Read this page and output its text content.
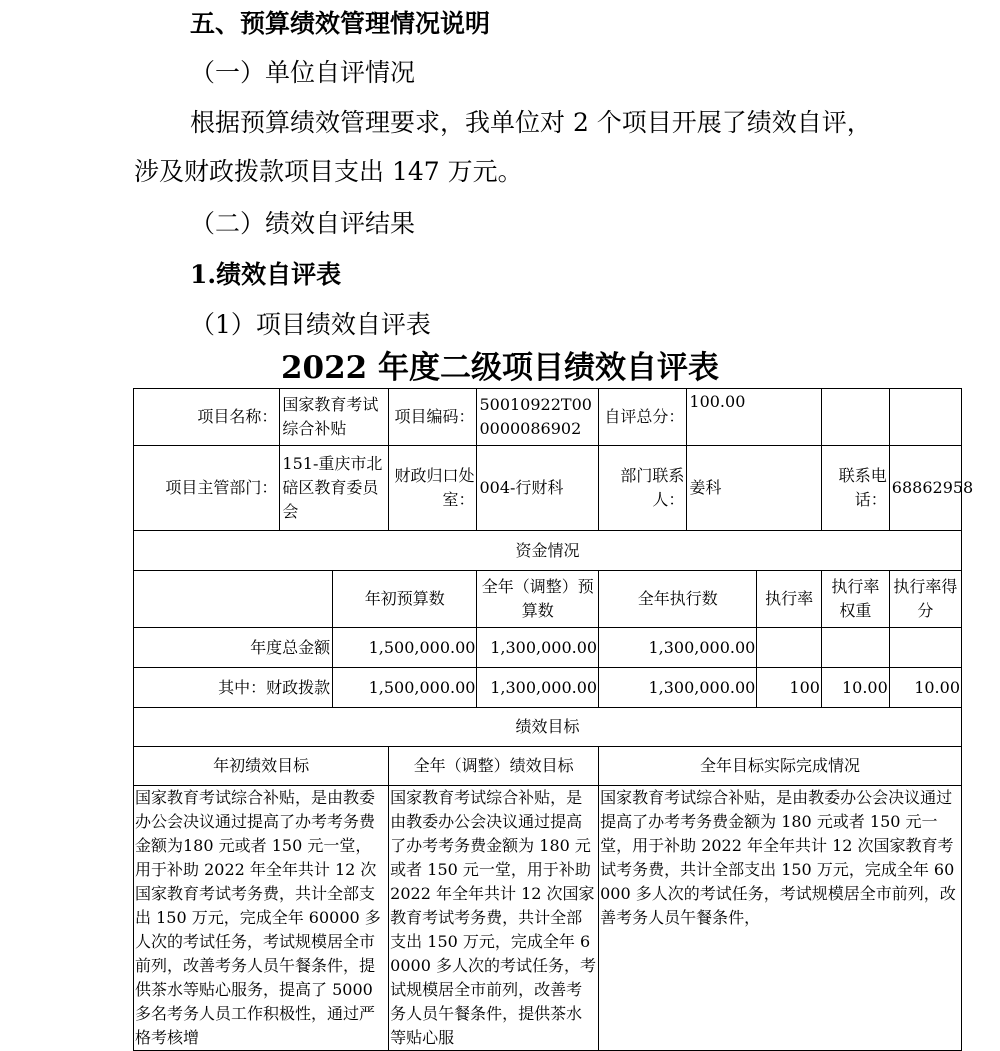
五、预算绩效管理情况说明
（一）单位自评情况
根据预算绩效管理要求，我单位对 2 个项目开展了绩效自评，
涉及财政拨款项目支出 147 万元。
（二）绩效自评结果
1.绩效自评表
（1）项目绩效自评表
2022 年度二级项目绩效自评表
项目名称：	国家教育考试综合补贴		项目编码：	50010922T000000086902	自评总分：	100.00			
项目主管部门：	151-重庆市北碚区教育委员会		财政归口处室：	004-行财科	部门联系人：	姜科		联系电话：	68862958
资金情况									
		年初预算数		全年（调整）预算数	全年执行数		执行率	执行率权重	执行率得分
年度总金额		1,500,000.00		1,300,000.00	1,300,000.00				
其中：财政拨款		1,500,000.00		1,300,000.00	1,300,000.00		100	10.00	10.00
绩效目标									
年初绩效目标			全年（调整）绩效目标		全年目标实际完成情况				
国家教育考试综合补贴，是由教委办公会决议通过提高了办考考务费金额为180 元或者 150 元一堂，用于补助 2022 年全年共计 12 次国家教育考试考务费，共计全部支出 150 万元，完成全年 60000 多人次的考试任务，考试规模居全市前列，改善考务人员午餐条件，提供茶水等贴心服务，提高了 5000 多名考务人员工作积极性，通过严格考核增			国家教育考试综合补贴，是由教委办公会决议通过提高了办考考务费金额为 180 元或者 150 元一堂，用于补助 2022 年全年共计 12 次国家教育考试考务费，共计全部支出 150 万元，完成全年 60000 多人次的考试任务，考试规模居全市前列，改善考务人员午餐条件，提供茶水等贴心服		国家教育考试综合补贴，是由教委办公会决议通过提高了办考考务费金额为 180 元或者 150 元一堂，用于补助 2022 年全年共计 12 次国家教育考试考务费，共计全部支出 150 万元，完成全年 60000 多人次的考试任务，考试规模居全市前列，改善考务人员午餐条件，				
